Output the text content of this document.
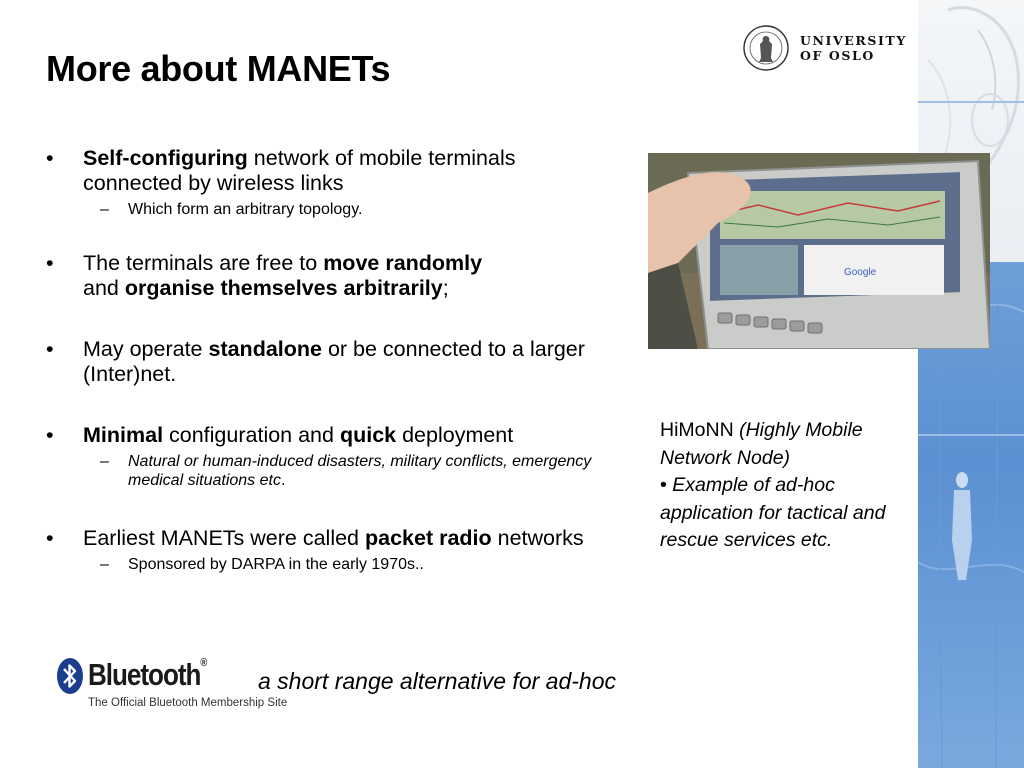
More about MANETs
UNIVERSITY
OF OSLO
• Self-configuring network of mobile terminals connected by wireless links
– Which form an arbitrary topology.
• The terminals are free to move randomly
and organise themselves arbitrarily;
• May operate standalone or be connected to a larger (Inter)net.
• Minimal configuration and quick deployment
– Natural or human-induced disasters, military conflicts, emergency medical situations etc.
• Earliest MANETs were called packet radio networks
– Sponsored by DARPA in the early 1970s..
Google
HiMoNN (Highly Mobile Network Node)
• Example of ad-hoc application for tactical and rescue services etc.
Bluetooth®
The Official Bluetooth Membership Site
a short range alternative for ad-hoc
